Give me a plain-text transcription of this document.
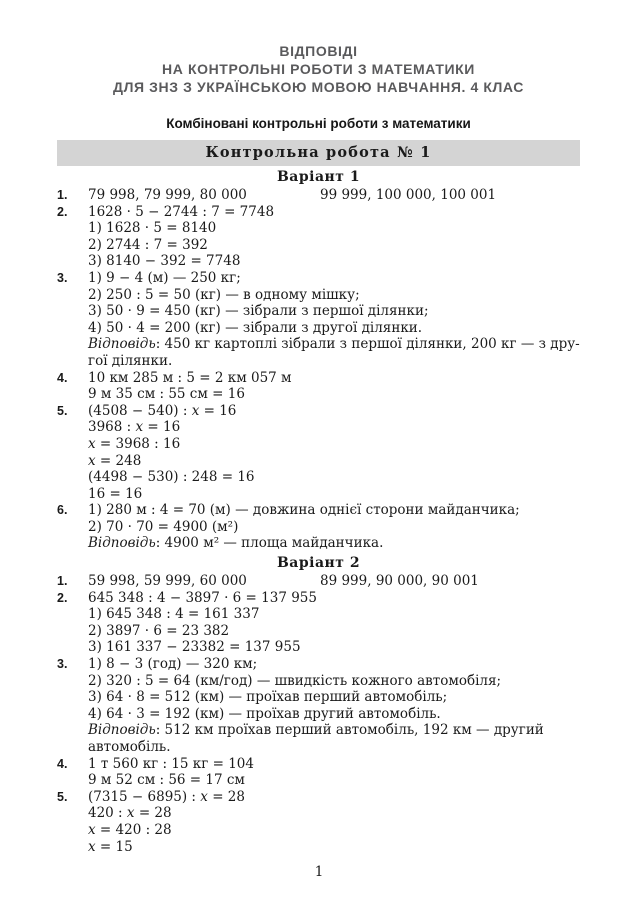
ВІДПОВІДІ
НА КОНТРОЛЬНІ РОБОТИ З МАТЕМАТИКИ
ДЛЯ ЗНЗ З УКРАЇНСЬКОЮ МОВОЮ НАВЧАННЯ. 4 КЛАС
Комбіновані контрольні роботи з математики
Контрольна робота № 1
Варіант 1
1.	79 998, 79 999, 80 000	99 999, 100 000, 100 001
2.	1628 · 5 − 2744 : 7 = 7748
1) 1628 · 5 = 8140
2) 2744 : 7 = 392
3) 8140 − 392 = 7748
3.	1) 9 − 4 (м) — 250 кг;
2) 250 : 5 = 50 (кг) — в одному мішку;
3) 50 · 9 = 450 (кг) — зібрали з першої ділянки;
4) 50 · 4 = 200 (кг) — зібрали з другої ділянки.
Відповідь: 450 кг картоплі зібрали з першої ділянки, 200 кг — з дру-
гої ділянки.
4.	10 км 285 м : 5 = 2 км 057 м
9 м 35 см : 55 см = 16
5.	(4508 − 540) : x = 16
3968 : x = 16
x = 3968 : 16
x = 248
(4498 − 530) : 248 = 16
16 = 16
6.	1) 280 м : 4 = 70 (м) — довжина однієї сторони майданчика;
2) 70 · 70 = 4900 (м²)
Відповідь: 4900 м² — площа майданчика.
Варіант 2
1.	59 998, 59 999, 60 000	89 999, 90 000, 90 001
2.	645 348 : 4 − 3897 · 6 = 137 955
1) 645 348 : 4 = 161 337
2) 3897 · 6 = 23 382
3) 161 337 − 23382 = 137 955
3.	1) 8 − 3 (год) — 320 км;
2) 320 : 5 = 64 (км/год) — швидкість кожного автомобіля;
3) 64 · 8 = 512 (км) — проїхав перший автомобіль;
4) 64 · 3 = 192 (км) — проїхав другий автомобіль.
Відповідь: 512 км проїхав перший автомобіль, 192 км — другий
автомобіль.
4.	1 т 560 кг : 15 кг = 104
9 м 52 см : 56 = 17 см
5.	(7315 − 6895) : x = 28
420 : x = 28
x = 420 : 28
x = 15
1
